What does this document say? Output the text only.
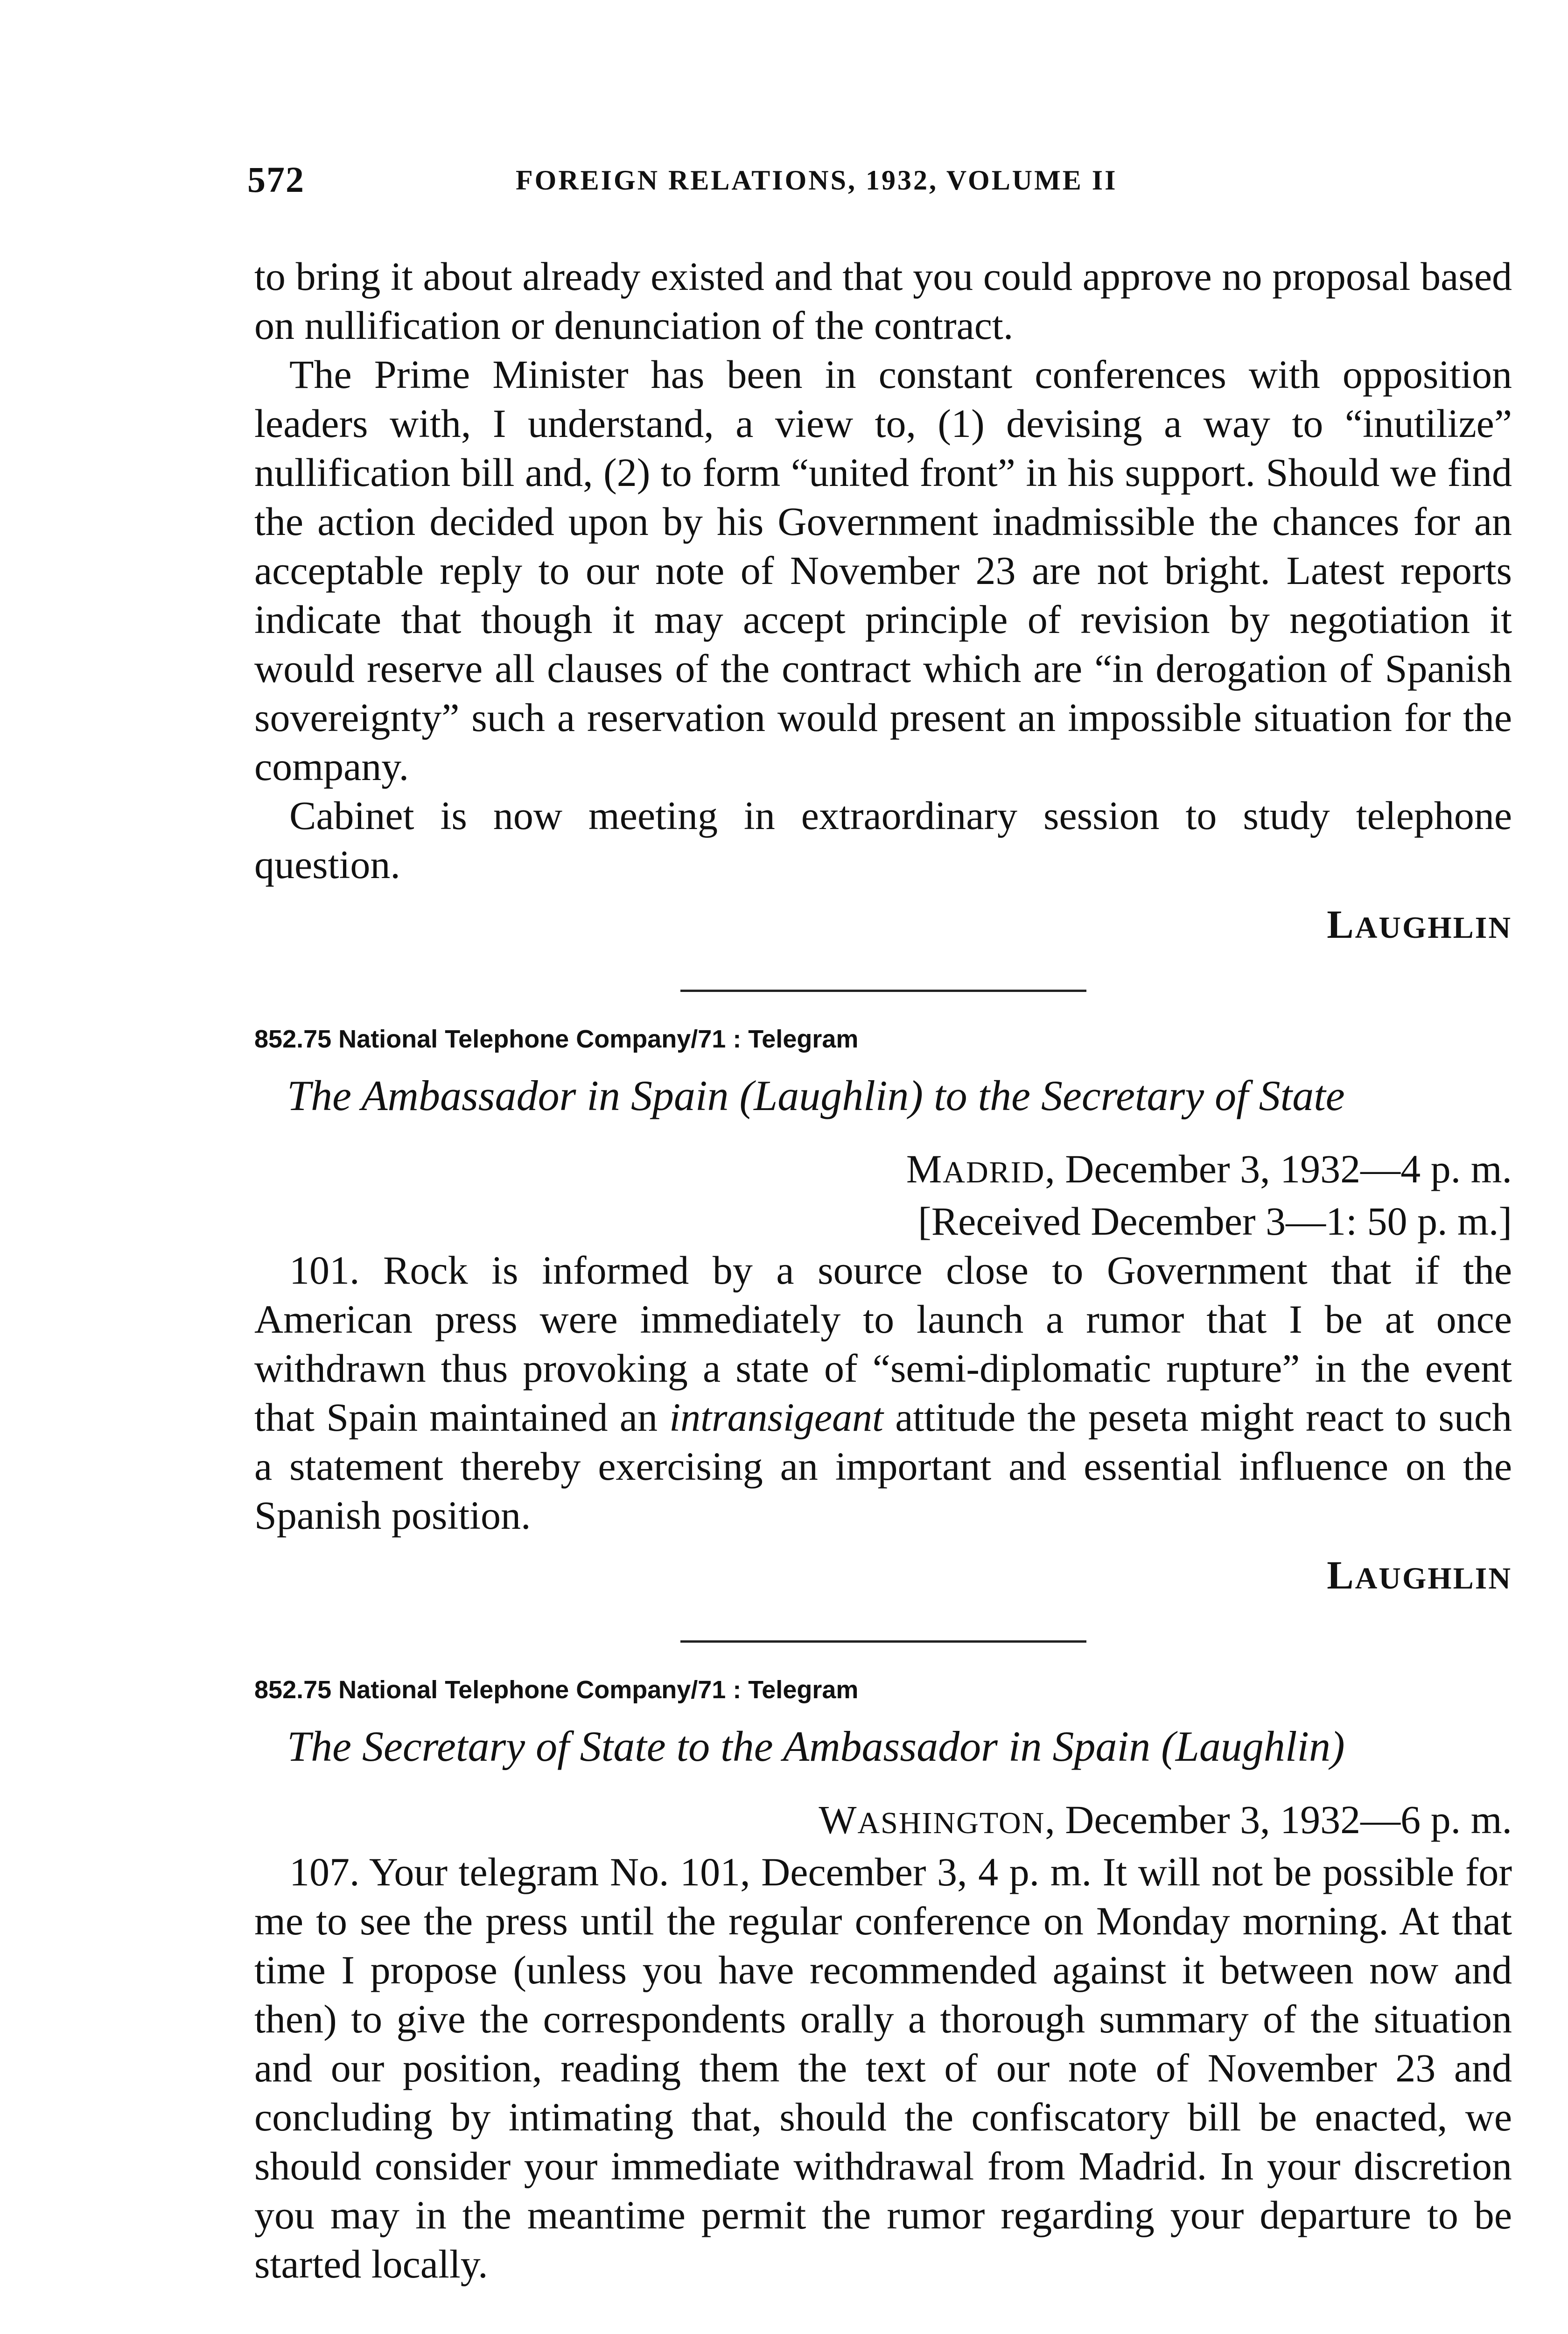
572	FOREIGN RELATIONS, 1932, VOLUME II

to bring it about already existed and that you could approve no proposal based on nullification or denunciation of the contract.

The Prime Minister has been in constant conferences with opposition leaders with, I understand, a view to, (1) devising a way to “inutilize” nullification bill and, (2) to form “united front” in his support. Should we find the action decided upon by his Government inadmissible the chances for an acceptable reply to our note of November 23 are not bright. Latest reports indicate that though it may accept principle of revision by negotiation it would reserve all clauses of the contract which are “in derogation of Spanish sovereignty” such a reservation would present an impossible situation for the company.

Cabinet is now meeting in extraordinary session to study telephone question.

LAUGHLIN

852.75 National Telephone Company/71 : Telegram

The Ambassador in Spain (Laughlin) to the Secretary of State

MADRID, December 3, 1932—4 p. m.

[Received December 3—1: 50 p. m.]

101. Rock is informed by a source close to Government that if the American press were immediately to launch a rumor that I be at once withdrawn thus provoking a state of “semi-diplomatic rupture” in the event that Spain maintained an intransigeant attitude the peseta might react to such a statement thereby exercising an important and essential influence on the Spanish position.

LAUGHLIN

852.75 National Telephone Company/71 : Telegram

The Secretary of State to the Ambassador in Spain (Laughlin)

WASHINGTON, December 3, 1932—6 p. m.

107. Your telegram No. 101, December 3, 4 p. m. It will not be possible for me to see the press until the regular conference on Monday morning. At that time I propose (unless you have recommended against it between now and then) to give the correspondents orally a thorough summary of the situation and our position, reading them the text of our note of November 23 and concluding by intimating that, should the confiscatory bill be enacted, we should consider your immediate withdrawal from Madrid. In your discretion you may in the meantime permit the rumor regarding your departure to be started locally.
